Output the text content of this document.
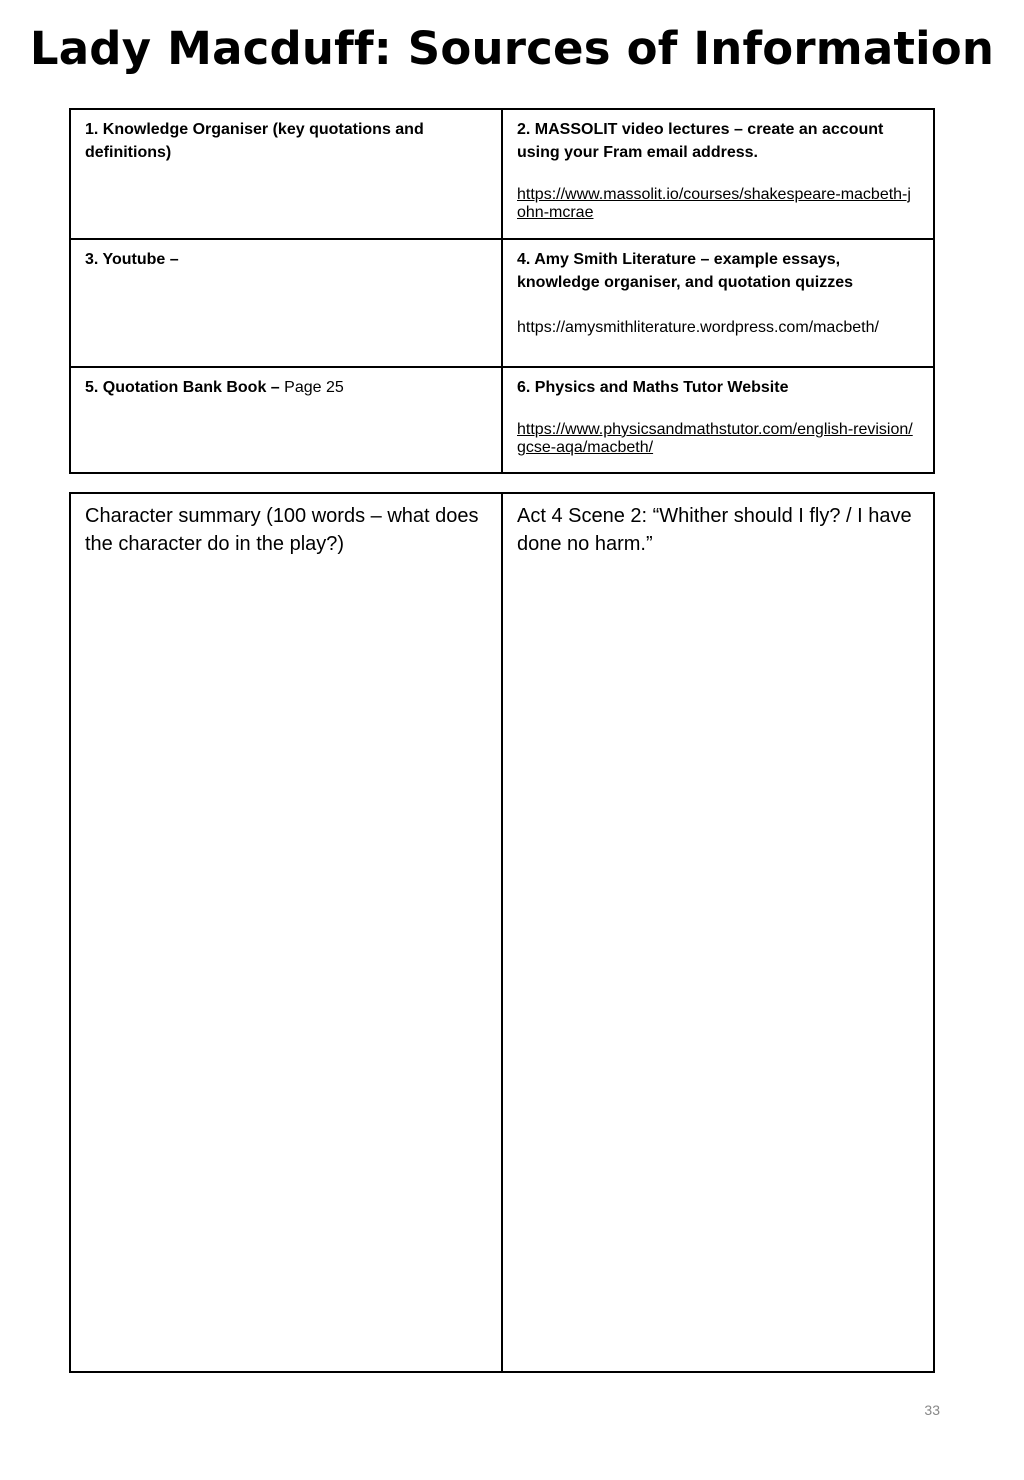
Lady Macduff: Sources of Information
1. Knowledge Organiser (key quotations and definitions)	2. MASSOLIT video lectures – create an account using your Fram email address.
https://www.massolit.io/courses/shakespeare-macbeth-john-mcrae

3. Youtube –	4. Amy Smith Literature – example essays, knowledge organiser, and quotation quizzes
https://amysmithliterature.wordpress.com/macbeth/

5. Quotation Bank Book – Page 25	6. Physics and Maths Tutor Website
https://www.physicsandmathstutor.com/english-revision/gcse-aqa/macbeth/
Character summary (100 words – what does the character do in the play?)	Act 4 Scene 2: “Whither should I fly? / I have done no harm.”
33
